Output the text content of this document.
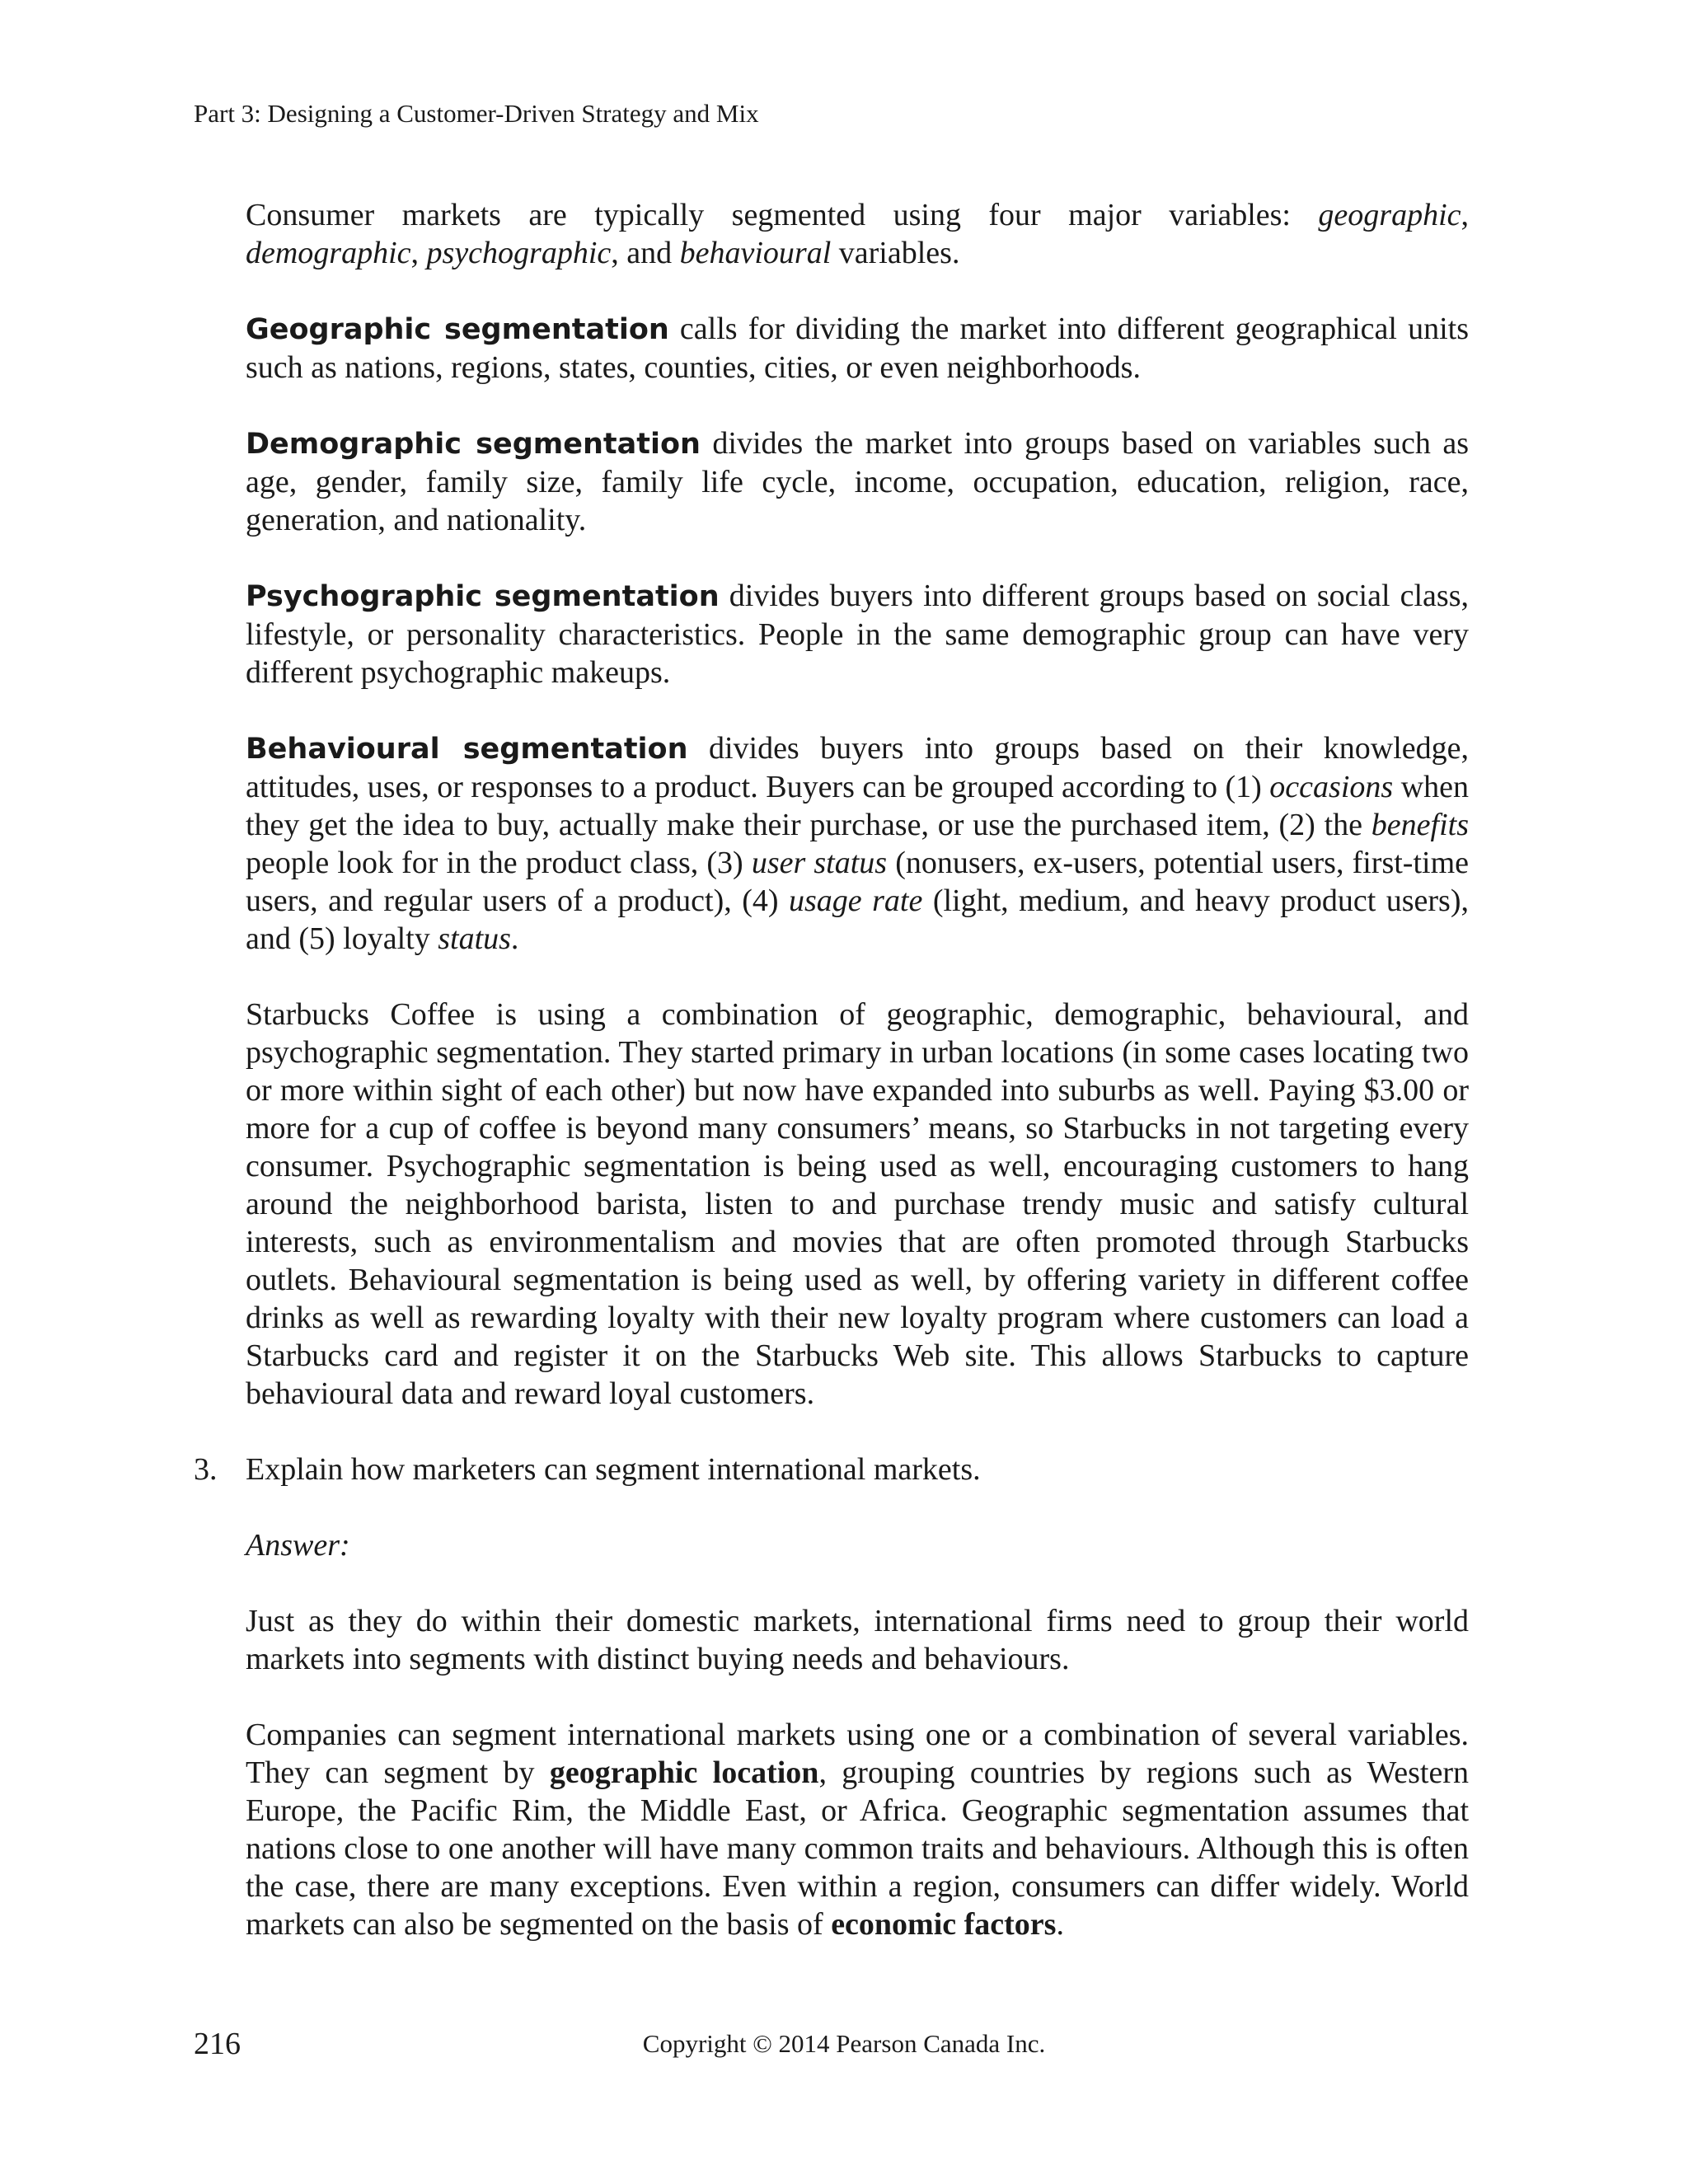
Part 3: Designing a Customer-Driven Strategy and Mix

Consumer markets are typically segmented using four major variables: geographic, demographic, psychographic, and behavioural variables.

Geographic segmentation calls for dividing the market into different geographical units such as nations, regions, states, counties, cities, or even neighborhoods.

Demographic segmentation divides the market into groups based on variables such as age, gender, family size, family life cycle, income, occupation, education, religion, race, generation, and nationality.

Psychographic segmentation divides buyers into different groups based on social class, lifestyle, or personality characteristics. People in the same demographic group can have very different psychographic makeups.

Behavioural segmentation divides buyers into groups based on their knowledge, attitudes, uses, or responses to a product. Buyers can be grouped according to (1) occasions when they get the idea to buy, actually make their purchase, or use the purchased item, (2) the benefits people look for in the product class, (3) user status (nonusers, ex-users, potential users, first-time users, and regular users of a product), (4) usage rate (light, medium, and heavy product users), and (5) loyalty status.

Starbucks Coffee is using a combination of geographic, demographic, behavioural, and psychographic segmentation. They started primary in urban locations (in some cases locating two or more within sight of each other) but now have expanded into suburbs as well. Paying $3.00 or more for a cup of coffee is beyond many consumers’ means, so Starbucks in not targeting every consumer. Psychographic segmentation is being used as well, encouraging customers to hang around the neighborhood barista, listen to and purchase trendy music and satisfy cultural interests, such as environmentalism and movies that are often promoted through Starbucks outlets. Behavioural segmentation is being used as well, by offering variety in different coffee drinks as well as rewarding loyalty with their new loyalty program where customers can load a Starbucks card and register it on the Starbucks Web site. This allows Starbucks to capture behavioural data and reward loyal customers.

3. Explain how marketers can segment international markets.

Answer:

Just as they do within their domestic markets, international firms need to group their world markets into segments with distinct buying needs and behaviours.

Companies can segment international markets using one or a combination of several variables. They can segment by geographic location, grouping countries by regions such as Western Europe, the Pacific Rim, the Middle East, or Africa. Geographic segmentation assumes that nations close to one another will have many common traits and behaviours. Although this is often the case, there are many exceptions. Even within a region, consumers can differ widely. World markets can also be segmented on the basis of economic factors.

216	Copyright © 2014 Pearson Canada Inc.
